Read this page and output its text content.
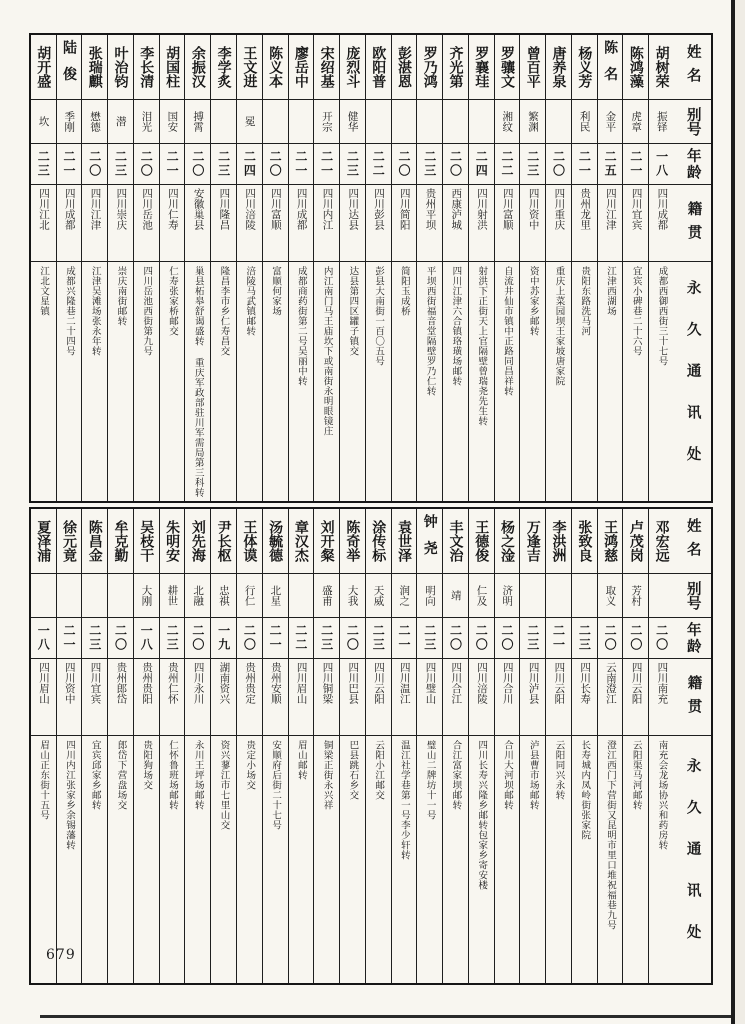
姓名
别号
年龄
籍贯
永久通讯处
胡树荣
振铎
一八
四川成都
成都西御西街三十七号
陈鸿藻
虎章
二一
四川宜宾
宜宾小碑巷二十六号
陈名
金平
二五
四川江津
江津西湖场
杨义芳
利民
二一
贵州龙里
贵阳东路洗马河
唐养泉
二〇
四川重庆
重庆上菜园坝王家坡唐家院
曾百平
繁渊
二三
四川资中
资中苏家乡邮转
罗骧文
湘纹
二二
四川富顺
自流井仙市镇中正路同昌祥转
罗襄珪
二四
四川射洪
射洪下正街天上官隔壁曾瑞尧先生转
齐光第
二〇
西康泸城
四川江津六合镇珞璜场邮转
罗乃鸿
二三
贵州平坝
平坝西街福音堂隔壁罗乃仁转
彭湛恩
二〇
四川简阳
简阳玉成桥
欧阳普
二二
四川彭县
彭县大南街一百〇五号
庞烈斗
健华
二三
四川达县
达县第四区罐子镇交
宋绍基
开宗
二一
四川内江
内江南门马王庙坎下或南街永明眼镜庄
廖岳中
二一
四川成都
成都商药街第二号吴丽中转
陈义本
二〇
四川富顺
富顺何家场
王文进
冕
二四
四川涪陵
涪陵马武镇邮转
李学炙
二三
四川隆昌
隆昌李市乡仁寿昌交
余振汉
搏霄
二〇
安徽巢县
巢县柘皋舒谒盛转 重庆军政部驻川军需局第三科转
胡国柱
国安
二一
四川仁寿
仁寿张家桥邮交
李长清
泪光
二〇
四川岳池
四川岳池西街第九号
叶治钧
潜
二三
四川崇庆
崇庆南街邮转
张瑞麒
懋德
二〇
四川江津
江津吴滩场张永年转
陆俊
季刚
二一
四川成都
成都兴隆巷二十四号
胡开盛
坎
二三
四川江北
江北文星镇
姓名
别号
年龄
籍贯
永久通讯处
邓宏远
二〇
四川南充
南充会龙场协兴和药房转
卢茂岗
芳村
二〇
四川云阳
云阳渠马河邮转
王鸿慈
取义
二〇
云南澄江
澄江西门下营街又昆明市里口堆祝福巷九号
张致良
二三
四川长寿
长寿城内凤岭街张家院
李洪洲
二一
四川云阳
云阳同兴永转
万逢吉
二三
四川泸县
泸县曹市场邮转
杨之淦
济明
二〇
四川合川
合川大河坝邮转
王德俊
仁及
二〇
四川涪陵
四川长寿兴隆乡邮转包家乡寄安楼
丰文治
靖
二〇
四川合江
合江富家坝邮转
钟尧
明向
二三
四川璧山
璧山二牌坊十一号
袁世泽
润之
二一
四川温江
温江社学巷第一号李少轩转
涂传标
天威
二三
四川云阳
云阳小江邮交
陈奇举
大我
二〇
四川巴县
巴县跳石乡交
刘开粲
盛甫
二三
四川铜梁
铜梁正街永兴祥
章汉杰
二二
四川眉山
眉山邮转
汤毓德
北星
二一
贵州安顺
安顺府后街二十七号
王体谟
行仁
二〇
贵州贵定
贵定小场交
尹长枢
忠祺
一九
湖南资兴
资兴蓼江市七里山交
刘先海
北融
二〇
四川永川
永川王坪场邮转
朱明安
耕世
二三
贵州仁怀
仁怀鲁班场邮转
吴枝干
大刚
一八
贵州贵阳
贵阳狗场交
牟克勤
二〇
贵州郎岱
郎岱下营盘场交
陈昌金
二三
四川宜宾
宜宾邱家乡邮转
徐元竟
二一
四川资中
四川内江张家乡余锡藩转
夏泽浦
一八
四川眉山
眉山正东街十五号
679
